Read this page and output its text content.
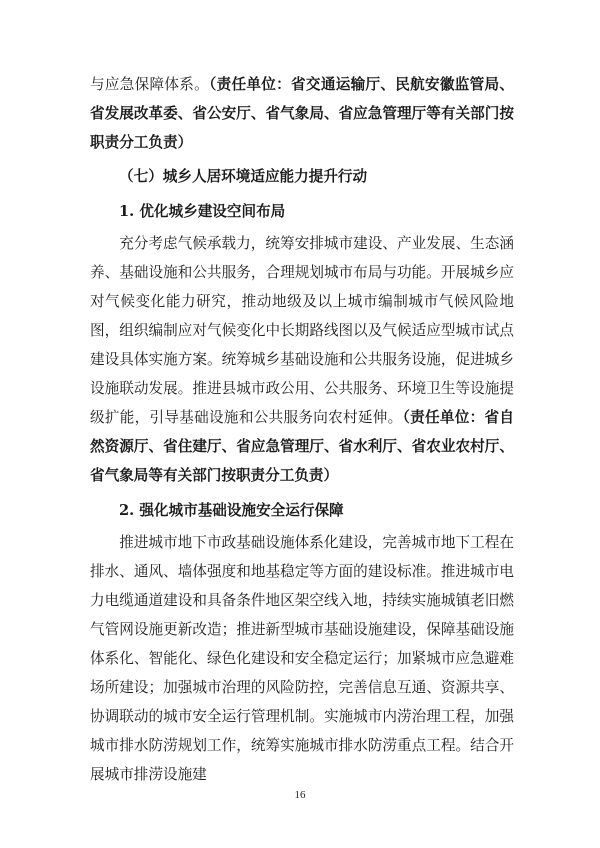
与应急保障体系。（责任单位：省交通运输厅、民航安徽监管局、省发展改革委、省公安厅、省气象局、省应急管理厅等有关部门按职责分工负责）

（七）城乡人居环境适应能力提升行动
1. 优化城乡建设空间布局

充分考虑气候承载力，统筹安排城市建设、产业发展、生态涵养、基础设施和公共服务，合理规划城市布局与功能。开展城乡应对气候变化能力研究，推动地级及以上城市编制城市气候风险地图，组织编制应对气候变化中长期路线图以及气候适应型城市试点建设具体实施方案。统筹城乡基础设施和公共服务设施，促进城乡设施联动发展。推进县城市政公用、公共服务、环境卫生等设施提级扩能，引导基础设施和公共服务向农村延伸。（责任单位：省自然资源厅、省住建厅、省应急管理厅、省水利厅、省农业农村厅、省气象局等有关部门按职责分工负责）

2. 强化城市基础设施安全运行保障

推进城市地下市政基础设施体系化建设，完善城市地下工程在排水、通风、墙体强度和地基稳定等方面的建设标准。推进城市电力电缆通道建设和具备条件地区架空线入地，持续实施城镇老旧燃气管网设施更新改造；推进新型城市基础设施建设，保障基础设施体系化、智能化、绿色化建设和安全稳定运行；加紧城市应急避难场所建设；加强城市治理的风险防控，完善信息互通、资源共享、协调联动的城市安全运行管理机制。实施城市内涝治理工程，加强城市排水防涝规划工作，统筹实施城市排水防涝重点工程。结合开展城市排涝设施建

16
